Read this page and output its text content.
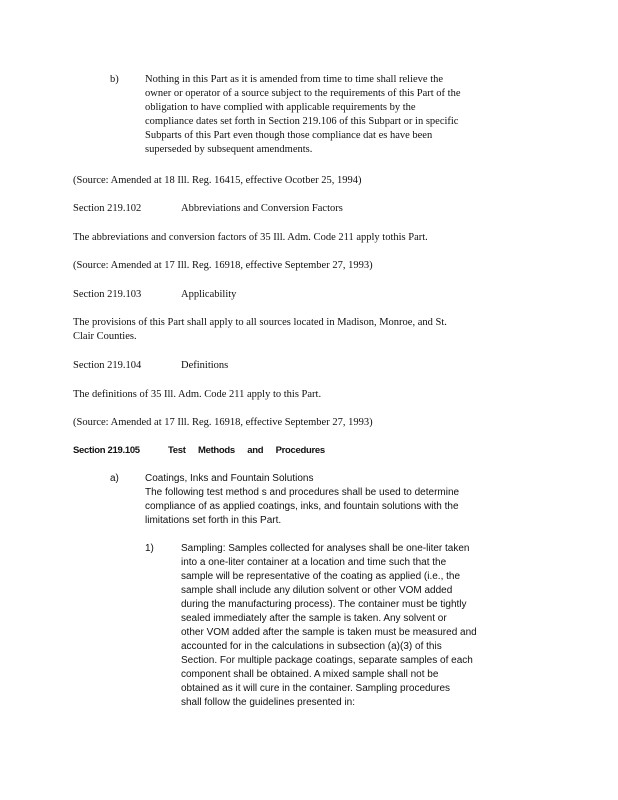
b)	Nothing in this Part as it is amended from time to time shall relieve the
owner or operator of a source subject to the requirements of this Part of the
obligation to have complied with applicable requirements by the
compliance dates set forth in Section 219.106 of this Subpart or in specific
Subparts of this Part even though those compliance dat es have been
superseded by subsequent amendments.
(Source: Amended at 18 Ill. Reg. 16415, effective Ocotber 25, 1994)
Section 219.102	Abbreviations and Conversion Factors
The abbreviations and conversion factors of 35 Ill. Adm. Code 211 apply tothis Part.
(Source: Amended at 17 Ill. Reg. 16918, effective September 27, 1993)
Section 219.103	Applicability
The provisions of this Part shall apply to all sources located in Madison, Monroe, and St.
Clair Counties.
Section 219.104	Definitions
The definitions of 35 Ill. Adm. Code 211 apply to this Part.
(Source: Amended at 17 Ill. Reg. 16918, effective September 27, 1993)
Section 219.105	Test Methods and Procedures
a)	Coatings, Inks and Fountain Solutions
The following test method s and procedures shall be used to determine
compliance of as applied coatings, inks, and fountain solutions with the
limitations set forth in this Part.
1)	Sampling: Samples collected for analyses shall be one-liter taken
into a one-liter container at a location and time such that the
sample will be representative of the coating as applied (i.e., the
sample shall include any dilution solvent or other VOM added
during the manufacturing process). The container must be tightly
sealed immediately after the sample is taken. Any solvent or
other VOM added after the sample is taken must be measured and
accounted for in the calculations in subsection (a)(3) of this
Section. For multiple package coatings, separate samples of each
component shall be obtained. A mixed sample shall not be
obtained as it will cure in the container. Sampling procedures
shall follow the guidelines presented in:
